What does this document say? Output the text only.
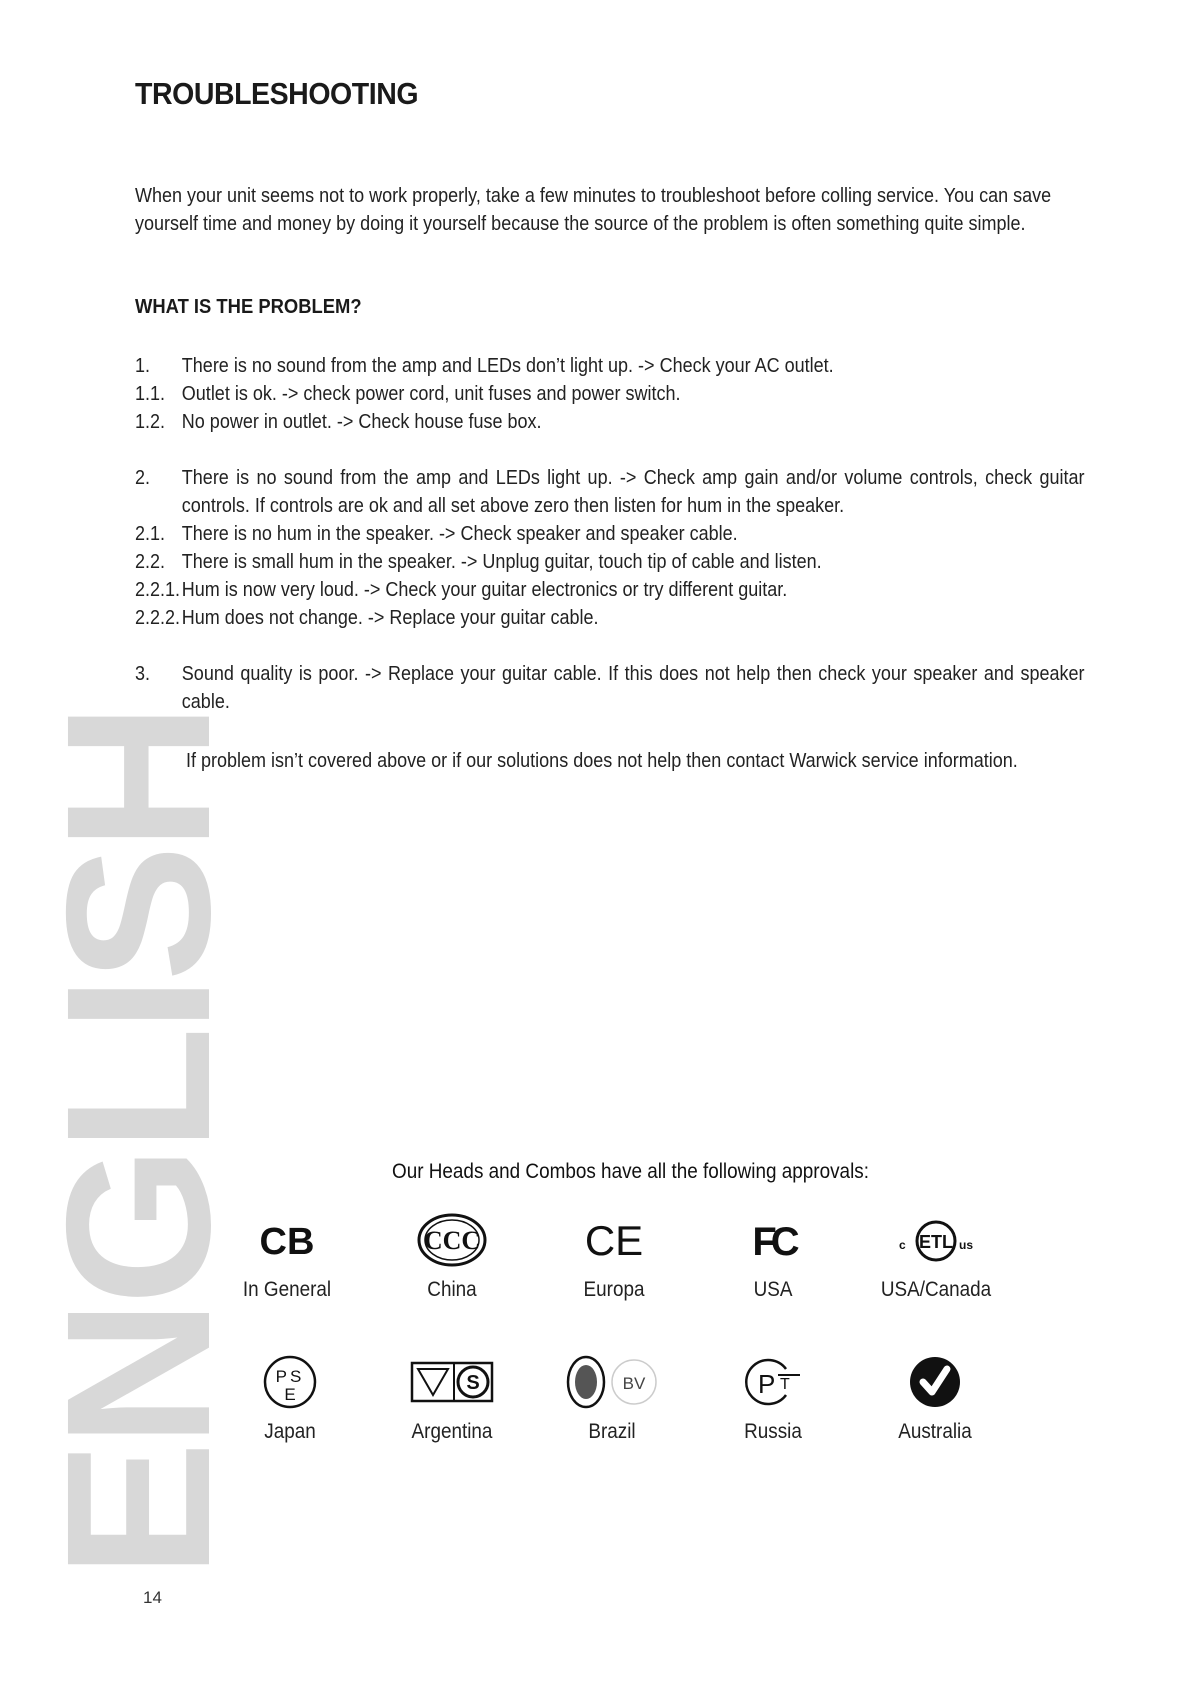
TROUBLESHOOTING
When your unit seems not to work properly, take a few minutes to troubleshoot before colling service. You can save yourself time and money by doing it yourself because the source of the problem is often something quite simple.
WHAT IS THE PROBLEM?
1. There is no sound from the amp and LEDs don’t light up. -> Check your AC outlet.
1.1. Outlet is ok. -> check power cord, unit fuses and power switch.
1.2. No power in outlet. -> Check house fuse box.
2. There is no sound from the amp and LEDs light up. -> Check amp gain and/or volume controls, check guitar controls. If controls are ok and all set above zero then listen for hum in the speaker.
2.1. There is no hum in the speaker. -> Check speaker and speaker cable.
2.2. There is small hum in the speaker. -> Unplug guitar, touch tip of cable and listen.
2.2.1. Hum is now very loud. -> Check your guitar electronics or try different guitar.
2.2.2. Hum does not change. -> Replace your guitar cable.
3. Sound quality is poor. -> Replace your guitar cable. If this does not help then check your speaker and speaker cable.
If problem isn’t covered above or if our solutions does not help then contact Warwick service information.
ENGLISH	Our Heads and Combos have all the following approvals:
CB
In General
CCC
China
CE
Europa
FC
USA
c ETL us
USA/Canada
PS
E
Japan
S
Argentina
BV
Brazil
P T
Russia	Australia
14
